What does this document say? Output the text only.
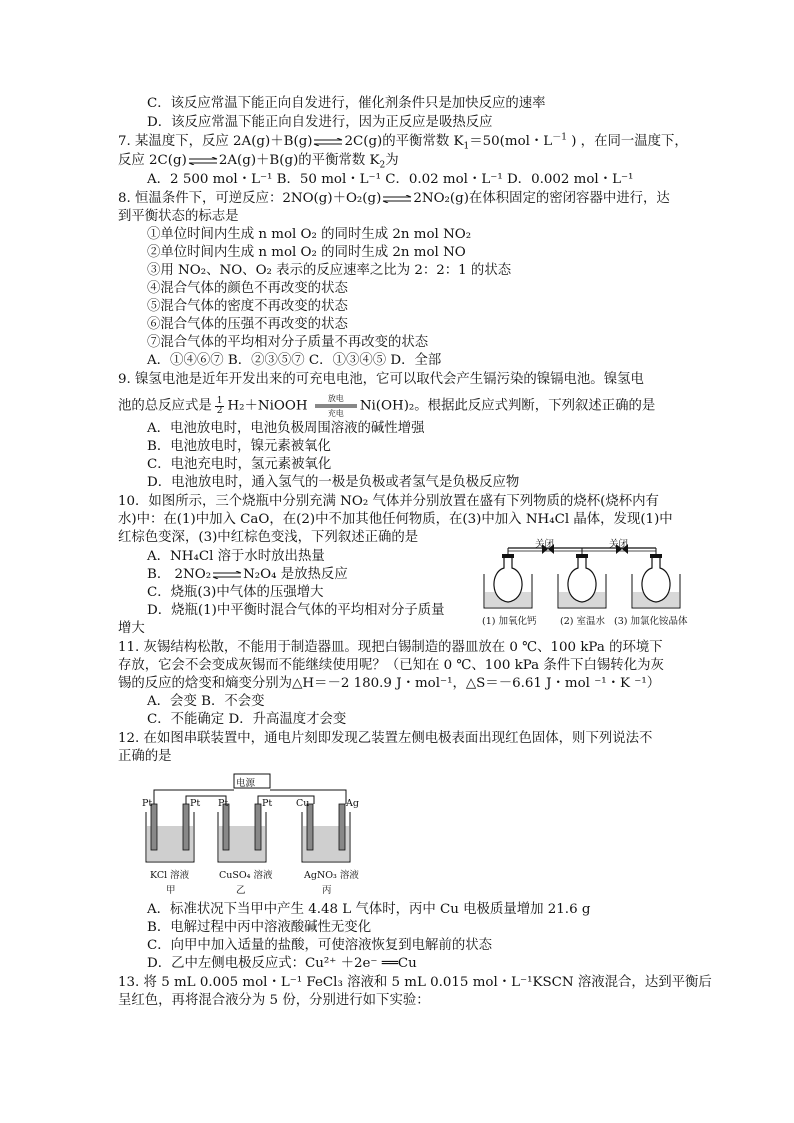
C．该反应常温下能正向自发进行，催化剂条件只是加快反应的速率
D．该反应常温下能正向自发进行，因为正反应是吸热反应
7. 某温度下，反应 2A(g)＋B(g)⇌2C(g)的平衡常数 $K_1=50(mol$・$L^{-1}$ ) ，在同一温度下，
反应 2C(g)⇌2A(g)＋B(g)的平衡常数 $K_2$为
A．2 500 mol・L⁻¹ B．50 mol・L⁻¹ C．0.02 mol・L⁻¹ D．0.002 mol・L⁻¹
8. 恒温条件下，可逆反应：2NO(g)＋O₂(g)⇌2NO₂(g)在体积固定的密闭容器中进行，达
到平衡状态的标志是
①单位时间内生成 n mol O₂ 的同时生成 2n mol NO₂
②单位时间内生成 n mol O₂ 的同时生成 2n mol NO
③用 NO₂、NO、O₂ 表示的反应速率之比为 2：2：1 的状态
④混合气体的颜色不再改变的状态
⑤混合气体的密度不再改变的状态
⑥混合气体的压强不再改变的状态
⑦混合气体的平均相对分子质量不再改变的状态
A．①④⑥⑦ B．②③⑤⑦ C．①③④⑤ D．全部
9. 镍氢电池是近年开发出来的可充电电池，它可以取代会产生镉污染的镍镉电池。镍氢电
池的总反应式是 $\frac{1}{2}$ H₂＋NiOOH	放电
充电	Ni(OH)₂。根据此反应式判断，下列叙述正确的是
A．电池放电时，电池负极周围溶液的碱性增强
B．电池放电时，镍元素被氧化
C．电池充电时，氢元素被氧化
D．电池放电时，通入氢气的一极是负极或者氢气是负极反应物
10．如图所示，三个烧瓶中分别充满 NO₂ 气体并分别放置在盛有下列物质的烧杯(烧杯内有
水)中：在(1)中加入 CaO，在(2)中不加其他任何物质，在(3)中加入 NH₄Cl 晶体，发现(1)中
红棕色变深，(3)中红棕色变浅，下列叙述正确的是
A．NH₄Cl 溶于水时放出热量
B． 2NO₂⇌N₂O₄ 是放热反应
C．烧瓶(3)中气体的压强增大
D．烧瓶(1)中平衡时混合气体的平均相对分子质量
增大
关闭	关闭
(1) 加氧化钙 (2) 室温水 (3) 加氯化铵晶体
11. 灰锡结构松散，不能用于制造器皿。现把白锡制造的器皿放在 0 ℃、100 kPa 的环境下
存放，它会不会变成灰锡而不能继续使用呢？（已知在 0 ℃、100 kPa 条件下白锡转化为灰
锡的反应的焓变和熵变分别为△H＝－2 180.9 J・mol⁻¹，△S＝－6.61 J・mol ⁻¹・K ⁻¹）
A．会变 B．不会变
C．不能确定 D．升高温度才会变
12. 在如图串联装置中，通电片刻即发现乙装置左侧电极表面出现红色固体，则下列说法不
正确的是
电源
Pt	Pt Pt	Pt	Cu	Ag
KCl 溶液	CuSO₄ 溶液	AgNO₃ 溶液
甲	乙	丙
A．标准状况下当甲中产生 4.48 L 气体时，丙中 Cu 电极质量增加 21.6 g
B．电解过程中丙中溶液酸碱性无变化
C．向甲中加入适量的盐酸，可使溶液恢复到电解前的状态
D．乙中左侧电极反应式：Cu²⁺ ＋2e⁻ ══Cu
13. 将 5 mL 0.005 mol・L⁻¹ FeCl₃ 溶液和 5 mL 0.015 mol・L⁻¹KSCN 溶液混合，达到平衡后
呈红色，再将混合液分为 5 份，分别进行如下实验：
